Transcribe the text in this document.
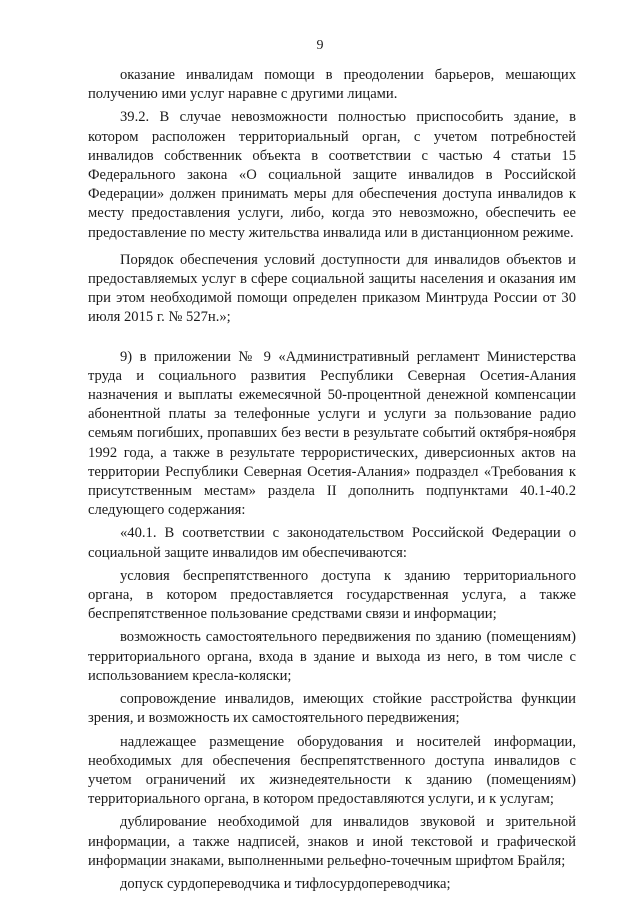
9

оказание инвалидам помощи в преодолении барьеров, мешающих получению ими услуг наравне с другими лицами.

39.2. В случае невозможности полностью приспособить здание, в котором расположен территориальный орган, с учетом потребностей инвалидов собственник объекта в соответствии с частью 4 статьи 15 Федерального закона «О социальной защите инвалидов в Российской Федерации» должен принимать меры для обеспечения доступа инвалидов к месту предоставления услуги, либо, когда это невозможно, обеспечить ее предоставление по месту жительства инвалида или в дистанционном режиме.

Порядок обеспечения условий доступности для инвалидов объектов и предоставляемых услуг в сфере социальной защиты населения и оказания им при этом необходимой помощи определен приказом Минтруда России от 30 июля 2015 г. № 527н.»;

9) в приложении № 9 «Административный регламент Министерства труда и социального развития Республики Северная Осетия-Алания назначения и выплаты ежемесячной 50-процентной денежной компенсации абонентной платы за телефонные услуги и услуги за пользование радио семьям погибших, пропавших без вести в результате событий октября-ноября 1992 года, а также в результате террористических, диверсионных актов на территории Республики Северная Осетия-Алания» подраздел «Требования к присутственным местам» раздела II дополнить подпунктами 40.1-40.2 следующего содержания:

«40.1. В соответствии с законодательством Российской Федерации о социальной защите инвалидов им обеспечиваются:

условия беспрепятственного доступа к зданию территориального органа, в котором предоставляется государственная услуга, а также беспрепятственное пользование средствами связи и информации;

возможность самостоятельного передвижения по зданию (помещениям) территориального органа, входа в здание и выхода из него, в том числе с использованием кресла-коляски;

сопровождение инвалидов, имеющих стойкие расстройства функции зрения, и возможность их самостоятельного передвижения;

надлежащее размещение оборудования и носителей информации, необходимых для обеспечения беспрепятственного доступа инвалидов с учетом ограничений их жизнедеятельности к зданию (помещениям) территориального органа, в котором предоставляются услуги, и к услугам;

дублирование необходимой для инвалидов звуковой и зрительной информации, а также надписей, знаков и иной текстовой и графической информации знаками, выполненными рельефно-точечным шрифтом Брайля;

допуск сурдопереводчика и тифлосурдопереводчика;
